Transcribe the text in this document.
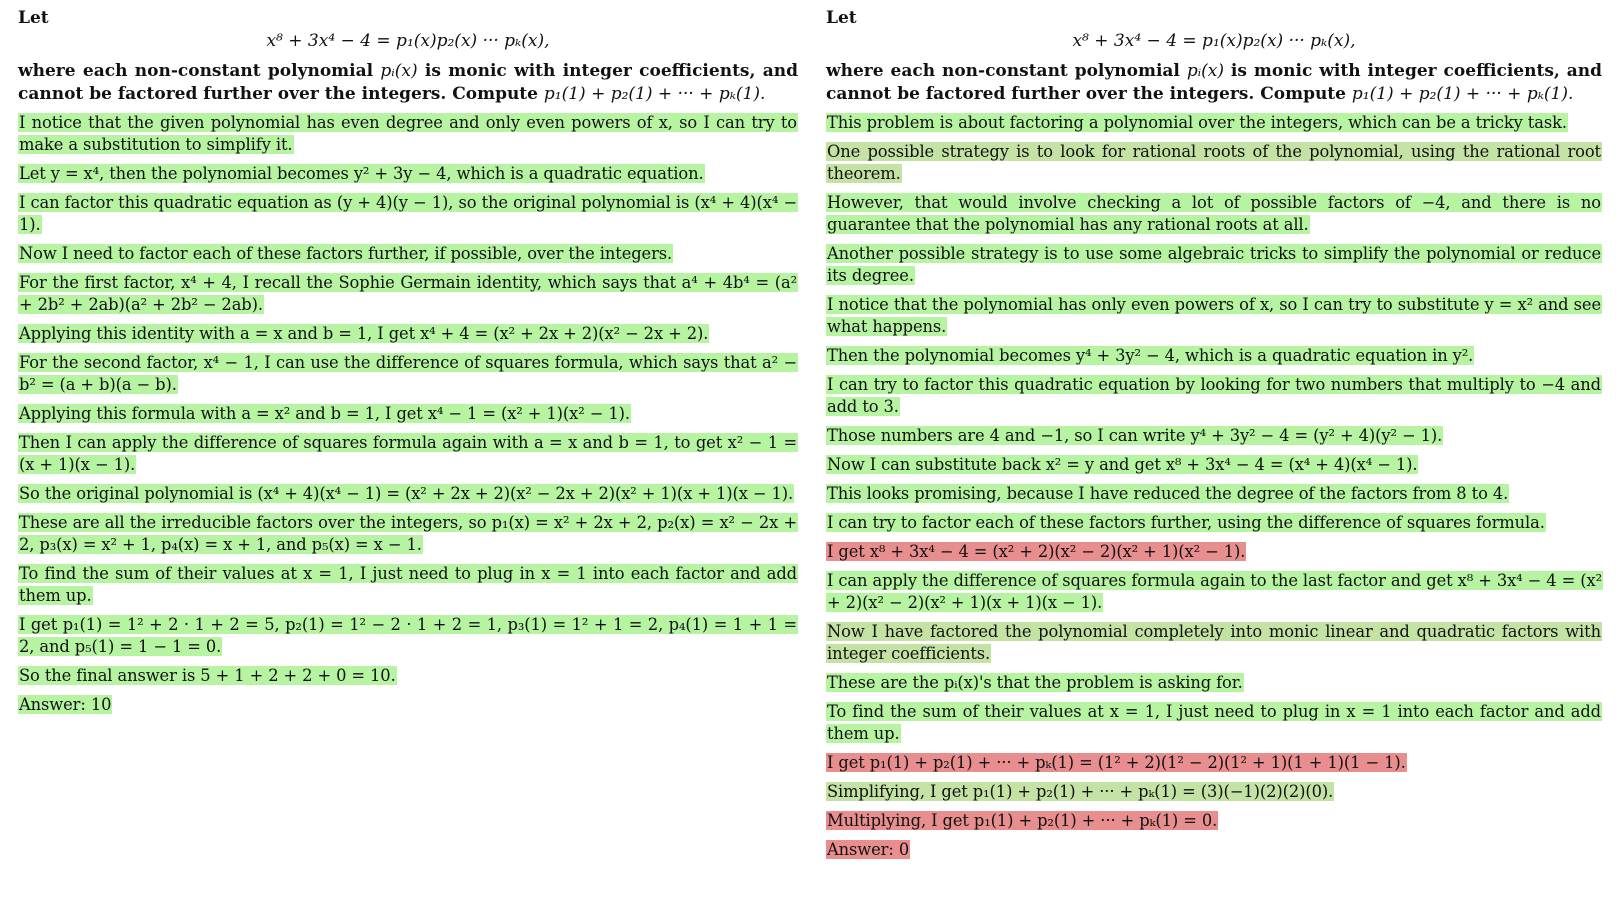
Let
x⁸ + 3x⁴ − 4 = p₁(x)p₂(x) ··· pₖ(x),
where each non-constant polynomial pᵢ(x) is monic with integer coefficients, and cannot be factored further over the integers. Compute p₁(1) + p₂(1) + ··· + pₖ(1).

I notice that the given polynomial has even degree and only even powers of x, so I can try to make a substitution to simplify it.

Let y = x⁴, then the polynomial becomes y² + 3y − 4, which is a quadratic equation.

I can factor this quadratic equation as (y + 4)(y − 1), so the original polynomial is (x⁴ + 4)(x⁴ − 1).

Now I need to factor each of these factors further, if possible, over the integers.

For the first factor, x⁴ + 4, I recall the Sophie Germain identity, which says that a⁴ + 4b⁴ = (a² + 2b² + 2ab)(a² + 2b² − 2ab).

Applying this identity with a = x and b = 1, I get x⁴ + 4 = (x² + 2x + 2)(x² − 2x + 2).

For the second factor, x⁴ − 1, I can use the difference of squares formula, which says that a² − b² = (a + b)(a − b).

Applying this formula with a = x² and b = 1, I get x⁴ − 1 = (x² + 1)(x² − 1).

Then I can apply the difference of squares formula again with a = x and b = 1, to get x² − 1 = (x + 1)(x − 1).

So the original polynomial is (x⁴ + 4)(x⁴ − 1) = (x² + 2x + 2)(x² − 2x + 2)(x² + 1)(x + 1)(x − 1).

These are all the irreducible factors over the integers, so p₁(x) = x² + 2x + 2, p₂(x) = x² − 2x + 2, p₃(x) = x² + 1, p₄(x) = x + 1, and p₅(x) = x − 1.

To find the sum of their values at x = 1, I just need to plug in x = 1 into each factor and add them up.

I get p₁(1) = 1² + 2 · 1 + 2 = 5, p₂(1) = 1² − 2 · 1 + 2 = 1, p₃(1) = 1² + 1 = 2, p₄(1) = 1 + 1 = 2, and p₅(1) = 1 − 1 = 0.

So the final answer is 5 + 1 + 2 + 2 + 0 = 10.

Answer: 10

Let
x⁸ + 3x⁴ − 4 = p₁(x)p₂(x) ··· pₖ(x),
where each non-constant polynomial pᵢ(x) is monic with integer coefficients, and cannot be factored further over the integers. Compute p₁(1) + p₂(1) + ··· + pₖ(1).

This problem is about factoring a polynomial over the integers, which can be a tricky task.

One possible strategy is to look for rational roots of the polynomial, using the rational root theorem.

However, that would involve checking a lot of possible factors of −4, and there is no guarantee that the polynomial has any rational roots at all.

Another possible strategy is to use some algebraic tricks to simplify the polynomial or reduce its degree.

I notice that the polynomial has only even powers of x, so I can try to substitute y = x² and see what happens.

Then the polynomial becomes y⁴ + 3y² − 4, which is a quadratic equation in y².

I can try to factor this quadratic equation by looking for two numbers that multiply to −4 and add to 3.

Those numbers are 4 and −1, so I can write y⁴ + 3y² − 4 = (y² + 4)(y² − 1).

Now I can substitute back x² = y and get x⁸ + 3x⁴ − 4 = (x⁴ + 4)(x⁴ − 1).

This looks promising, because I have reduced the degree of the factors from 8 to 4.

I can try to factor each of these factors further, using the difference of squares formula.

I get x⁸ + 3x⁴ − 4 = (x² + 2)(x² − 2)(x² + 1)(x² − 1).

I can apply the difference of squares formula again to the last factor and get x⁸ + 3x⁴ − 4 = (x² + 2)(x² − 2)(x² + 1)(x + 1)(x − 1).

Now I have factored the polynomial completely into monic linear and quadratic factors with integer coefficients.

These are the pᵢ(x)'s that the problem is asking for.

To find the sum of their values at x = 1, I just need to plug in x = 1 into each factor and add them up.

I get p₁(1) + p₂(1) + ··· + pₖ(1) = (1² + 2)(1² − 2)(1² + 1)(1 + 1)(1 − 1).

Simplifying, I get p₁(1) + p₂(1) + ··· + pₖ(1) = (3)(−1)(2)(2)(0).

Multiplying, I get p₁(1) + p₂(1) + ··· + pₖ(1) = 0.

Answer: 0
